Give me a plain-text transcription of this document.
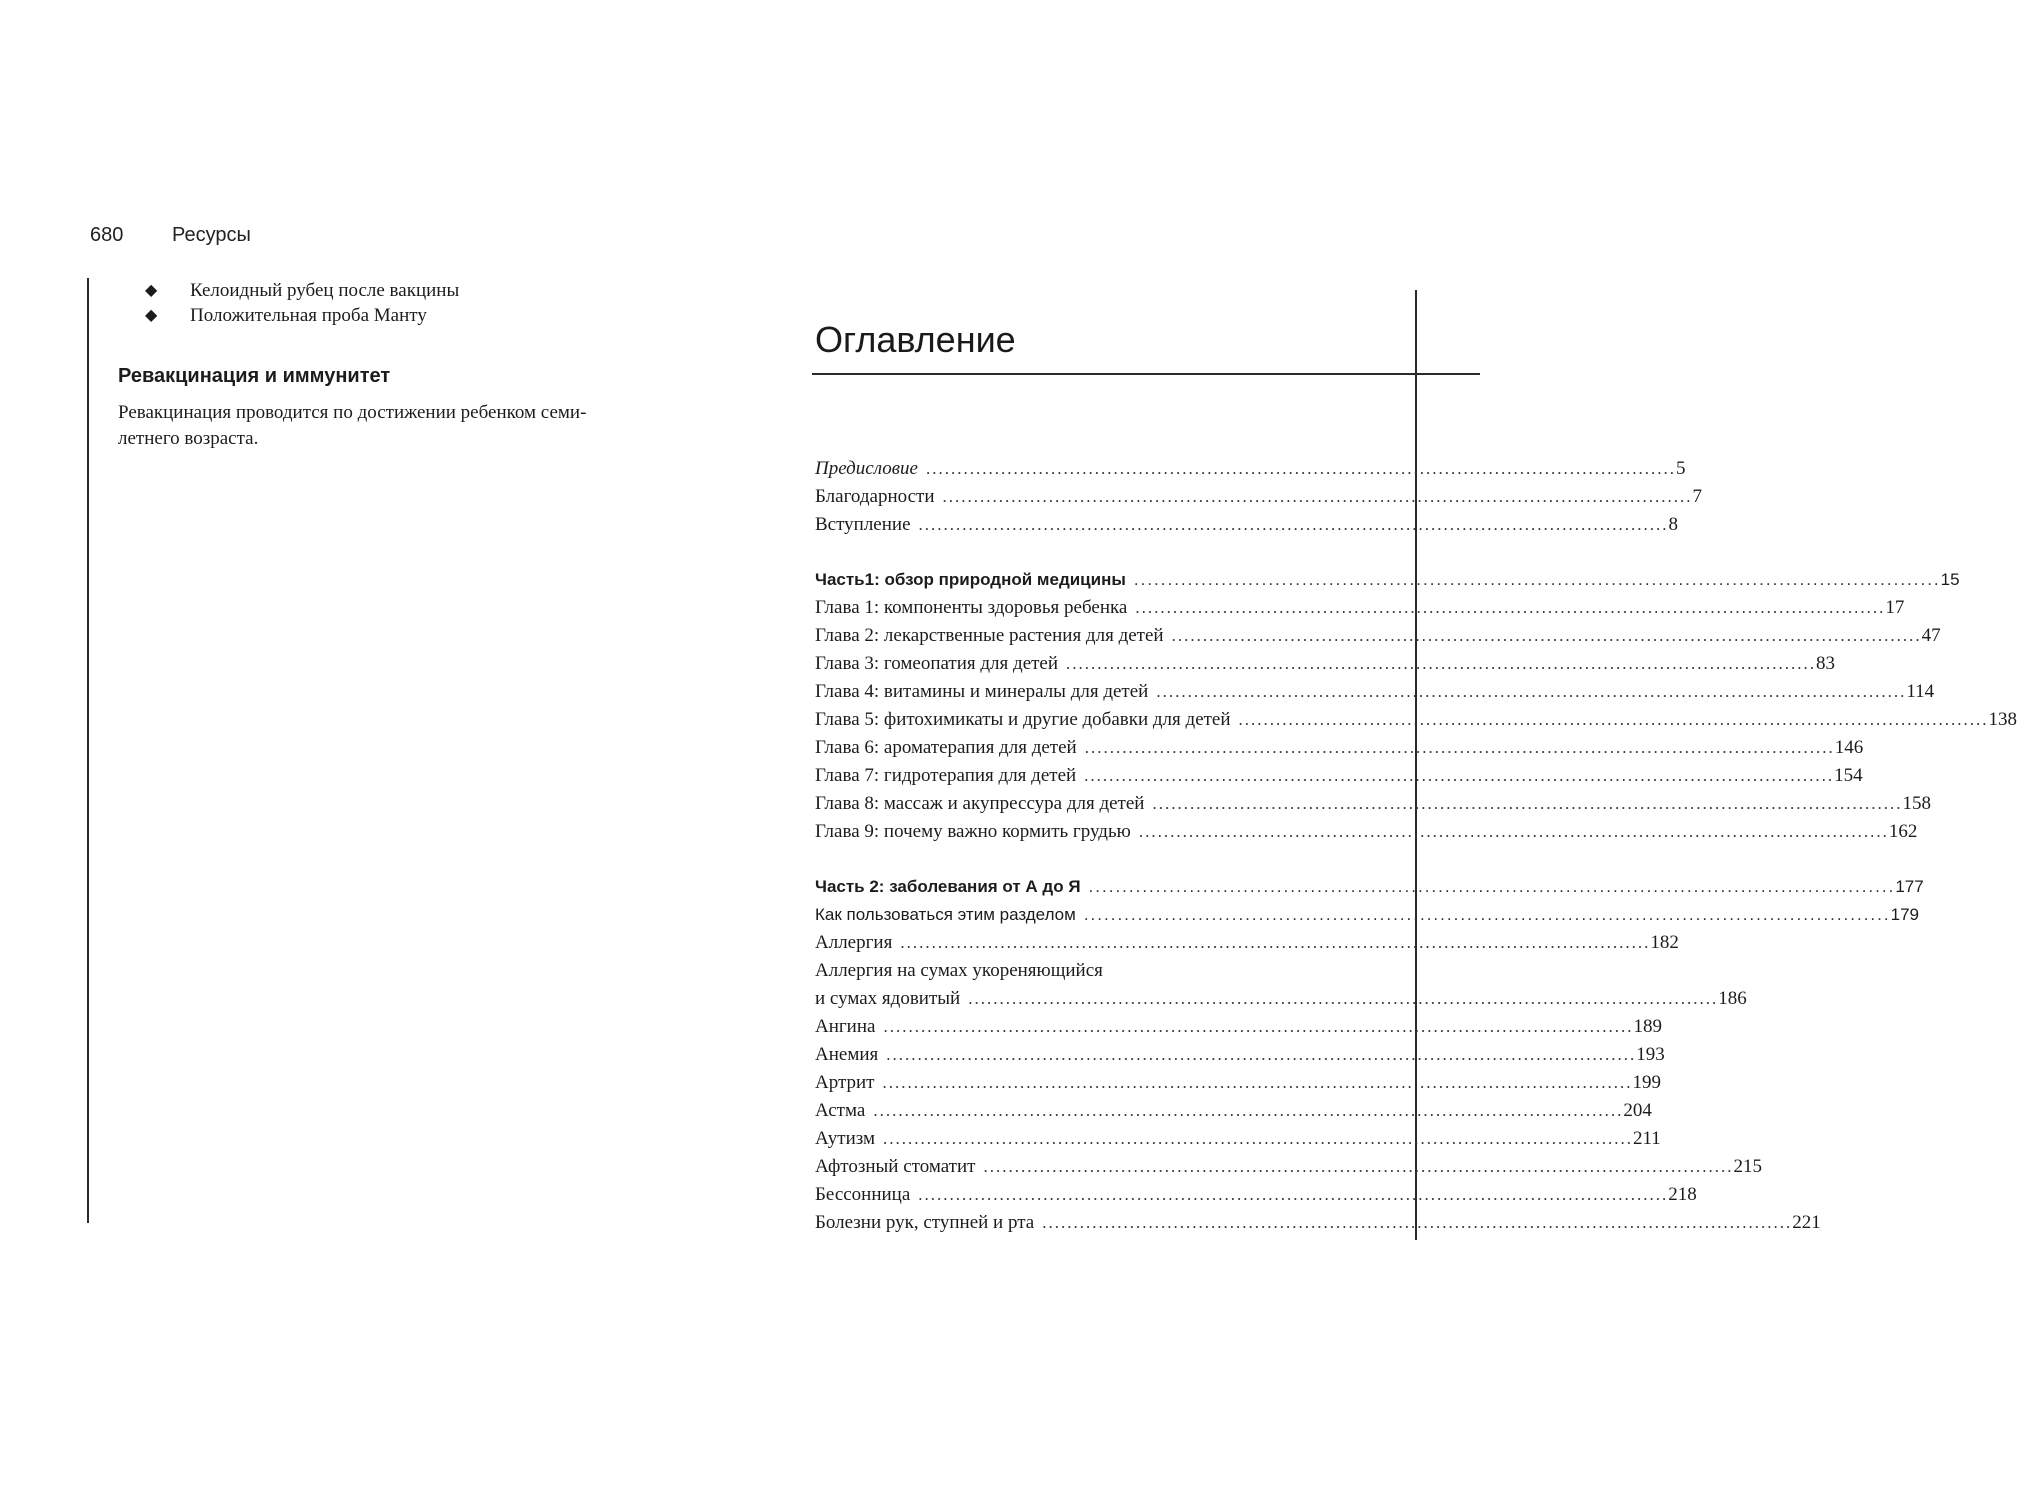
680 Ресурсы
◆ Келоидный рубец после вакцины
◆ Положительная проба Манту
Ревакцинация и иммунитет

Ревакцинация проводится по достижении ребенком семи-
летнего возраста.

Оглавление
Предисловие ........................................................................................................................ 5
Благодарности ........................................................................................................................ 7
Вступление ........................................................................................................................ 8
Часть1: обзор природной медицины ........................................................................................................................ 15
Глава 1: компоненты здоровья ребенка ........................................................................................................................ 17
Глава 2: лекарственные растения для детей ........................................................................................................................ 47
Глава 3: гомеопатия для детей ........................................................................................................................ 83
Глава 4: витамины и минералы для детей ........................................................................................................................ 114
Глава 5: фитохимикаты и другие добавки для детей ........................................................................................................................ 138
Глава 6: ароматерапия для детей ........................................................................................................................ 146
Глава 7: гидротерапия для детей ........................................................................................................................ 154
Глава 8: массаж и акупрессура для детей ........................................................................................................................ 158
Глава 9: почему важно кормить грудью ........................................................................................................................ 162
Часть 2: заболевания от А до Я ........................................................................................................................ 177
Как пользоваться этим разделом ........................................................................................................................ 179
Аллергия ........................................................................................................................ 182
Аллергия на сумах укореняющийся
и сумах ядовитый ........................................................................................................................ 186
Ангина ........................................................................................................................ 189
Анемия ........................................................................................................................ 193
Артрит ........................................................................................................................ 199
Астма ........................................................................................................................ 204
Аутизм ........................................................................................................................ 211
Афтозный стоматит ........................................................................................................................ 215
Бессонница ........................................................................................................................ 218
Болезни рук, ступней и рта ........................................................................................................................ 221
